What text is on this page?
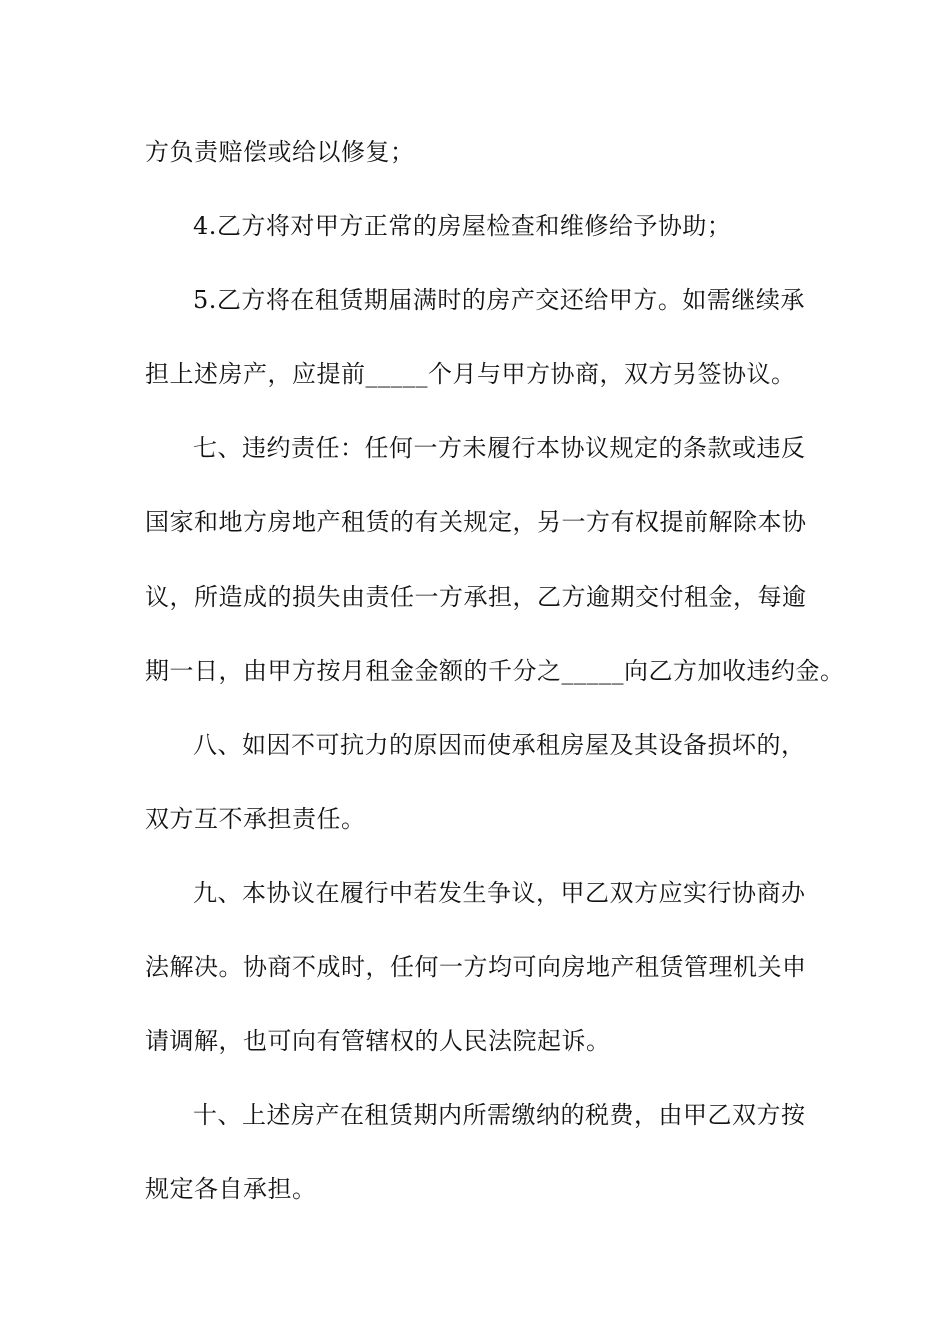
方负责赔偿或给以修复；
4.乙方将对甲方正常的房屋检查和维修给予协助；
5.乙方将在租赁期届满时的房产交还给甲方。如需继续承
担上述房产，应提前_____个月与甲方协商，双方另签协议。
七、违约责任：任何一方未履行本协议规定的条款或违反
国家和地方房地产租赁的有关规定，另一方有权提前解除本协
议，所造成的损失由责任一方承担，乙方逾期交付租金，每逾
期一日，由甲方按月租金金额的千分之_____向乙方加收违约金。
八、如因不可抗力的原因而使承租房屋及其设备损坏的，
双方互不承担责任。
九、本协议在履行中若发生争议，甲乙双方应实行协商办
法解决。协商不成时，任何一方均可向房地产租赁管理机关申
请调解，也可向有管辖权的人民法院起诉。
十、上述房产在租赁期内所需缴纳的税费，由甲乙双方按
规定各自承担。
